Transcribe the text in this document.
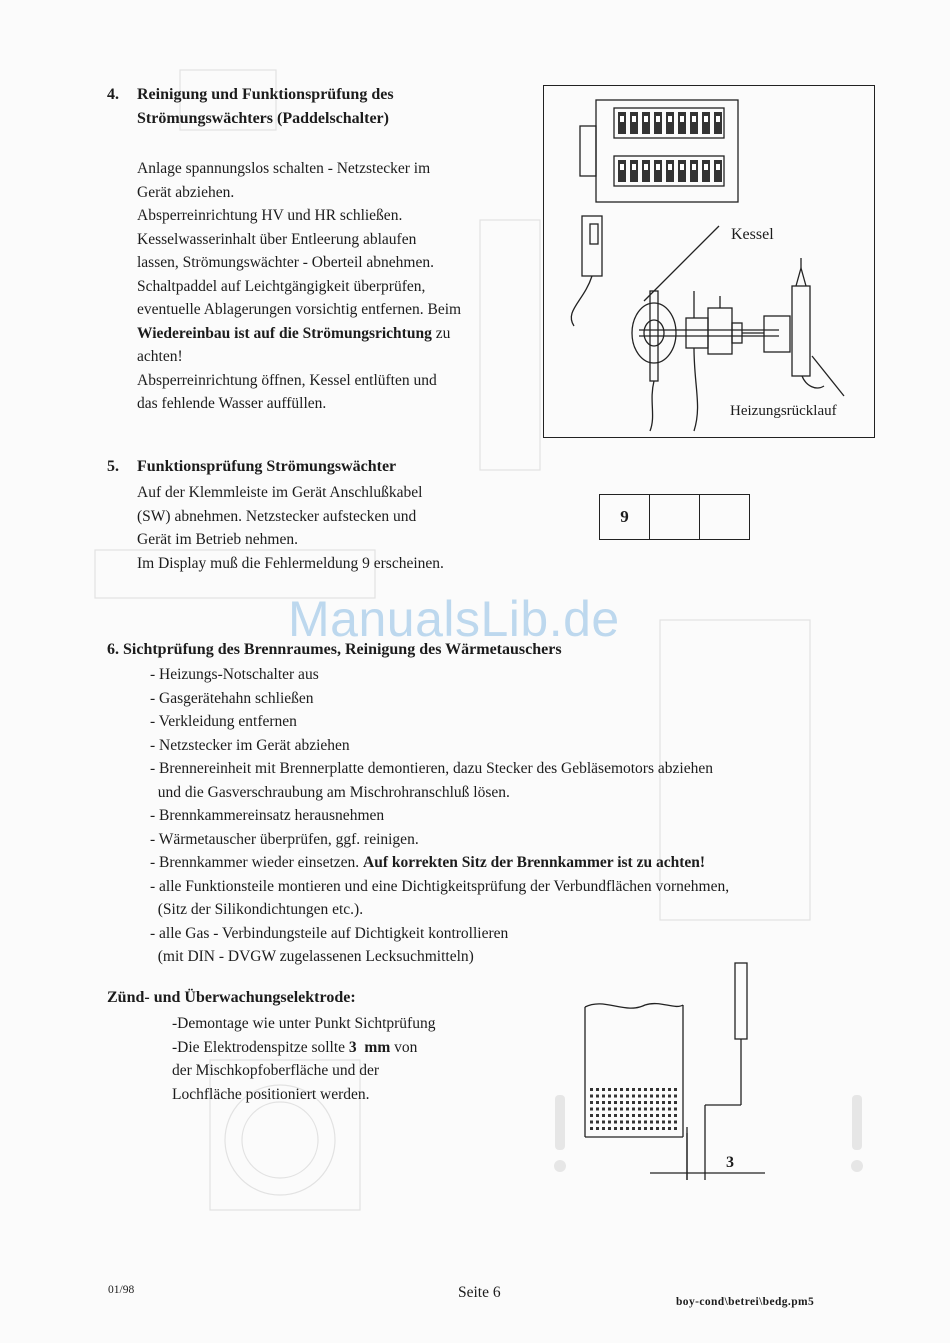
ManualsLib.de
4. Reinigung und Funktionsprüfung des
Strömungswächters (Paddelschalter)

Anlage spannungslos schalten - Netzstecker im

Gerät abziehen.

Absperreinrichtung HV und HR schließen.

Kesselwasserinhalt über Entleerung ablaufen

lassen, Strömungswächter - Oberteil abnehmen.

Schaltpaddel auf Leichtgängigkeit überprüfen,

eventuelle Ablagerungen vorsichtig entfernen. Beim

Wiedereinbau ist auf die Strömungsrichtung zu

achten!

Absperreinrichtung öffnen, Kessel entlüften und

das fehlende Wasser auffüllen.

Kessel
Heizungsrücklauf
5. Funktionsprüfung Strömungswächter

Auf der Klemmleiste im Gerät Anschlußkabel

(SW) abnehmen. Netzstecker aufstecken und

Gerät im Betrieb nehmen.

Im Display muß die Fehlermeldung 9 erscheinen.

9
6. Sichtprüfung des Brennraumes, Reinigung des Wärmetauschers

- Heizungs-Notschalter aus

- Gasgerätehahn schließen

- Verkleidung entfernen

- Netzstecker im Gerät abziehen

- Brennereinheit mit Brennerplatte demontieren, dazu Stecker des Gebläsemotors abziehen

und die Gasverschraubung am Mischrohranschluß lösen.

- Brennkammereinsatz herausnehmen

- Wärmetauscher überprüfen, ggf. reinigen.

- Brennkammer wieder einsetzen. Auf korrekten Sitz der Brennkammer ist zu achten!

- alle Funktionsteile montieren und eine Dichtigkeitsprüfung der Verbundflächen vornehmen,

(Sitz der Silikondichtungen etc.).

- alle Gas - Verbindungsteile auf Dichtigkeit kontrollieren

(mit DIN - DVGW zugelassenen Lecksuchmitteln)

Zünd- und Überwachungselektrode:

-Demontage wie unter Punkt Sichtprüfung

-Die Elektrodenspitze sollte 3  mm von

der Mischkopfoberfläche und der

Lochfläche positioniert werden.

3
01/98	Seite 6
boy-cond\betrei\bedg.pm5
